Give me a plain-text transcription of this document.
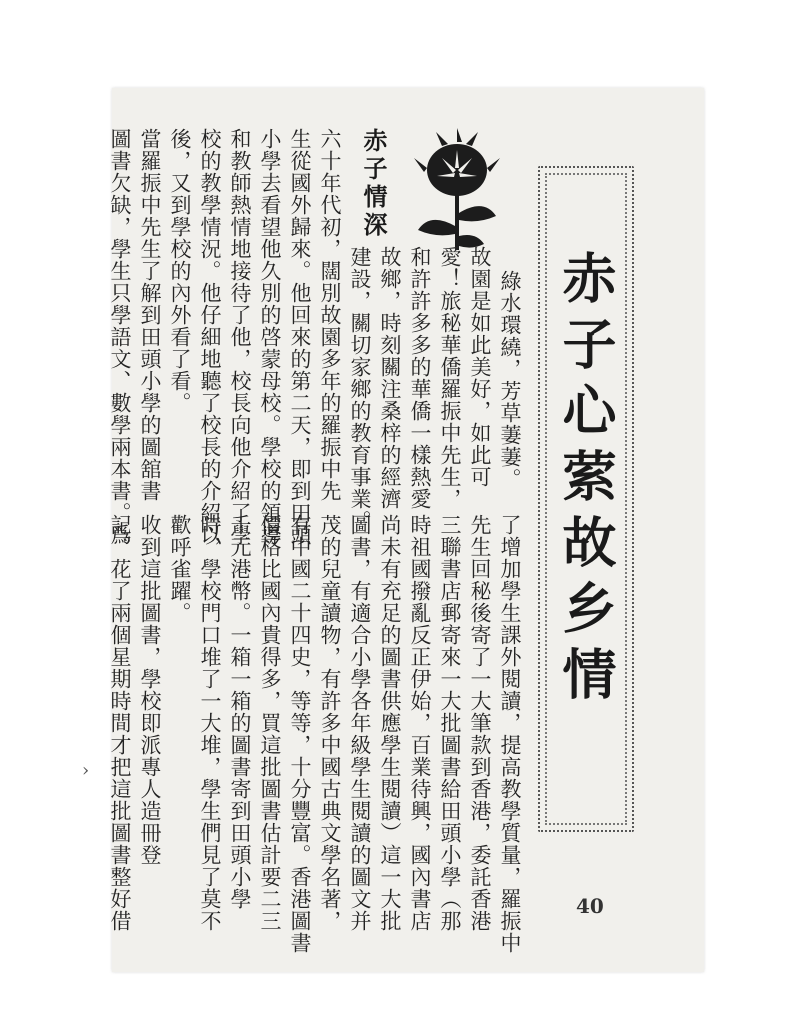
赤子心萦故乡情
赤子情深
綠水環繞，芳草萋萋。
故園是如此美好，如此可
愛！旅秘華僑羅振中先生，
和許許多多的華僑一樣熱愛
故鄉，時刻關注桑梓的經濟
建設，關切家鄉的教育事業。
六十年代初，闊別故園多年的羅振中先
生從國外歸來。他回來的第二天，即到田頭
小學去看望他久別的啓蒙母校。學校的領導
和教師熱情地接待了他，校長向他介紹了學
校的教學情況。他仔細地聽了校長的介紹以
後，又到學校的內外看了看。
當羅振中先生了解到田頭小學的圖舘書
圖書欠缺，學生只學語文、數學兩本書。爲
了增加學生課外閱讀，提高教學質量，羅振中
先生回秘後寄了一大筆款到香港，委託香港
三聯書店郵寄來一大批圖書給田頭小學（那
時祖國撥亂反正伊始，百業待興，國內書店
尚未有充足的圖書供應學生閱讀）這一大批
圖書，有適合小學各年級學生閱讀的圖文并
茂的兒童讀物，有許多中國古典文學名著，
有中國二十四史，等等，十分豐富。香港圖書
價格比國內貴得多，買這批圖書估計要二三
千元港幣。一箱一箱的圖書寄到田頭小學
時，學校門口堆了一大堆，學生們見了莫不
歡呼雀躍。
收到這批圖書，學校即派專人造冊登
記。花了兩個星期時間才把這批圖書整好借	40
›
